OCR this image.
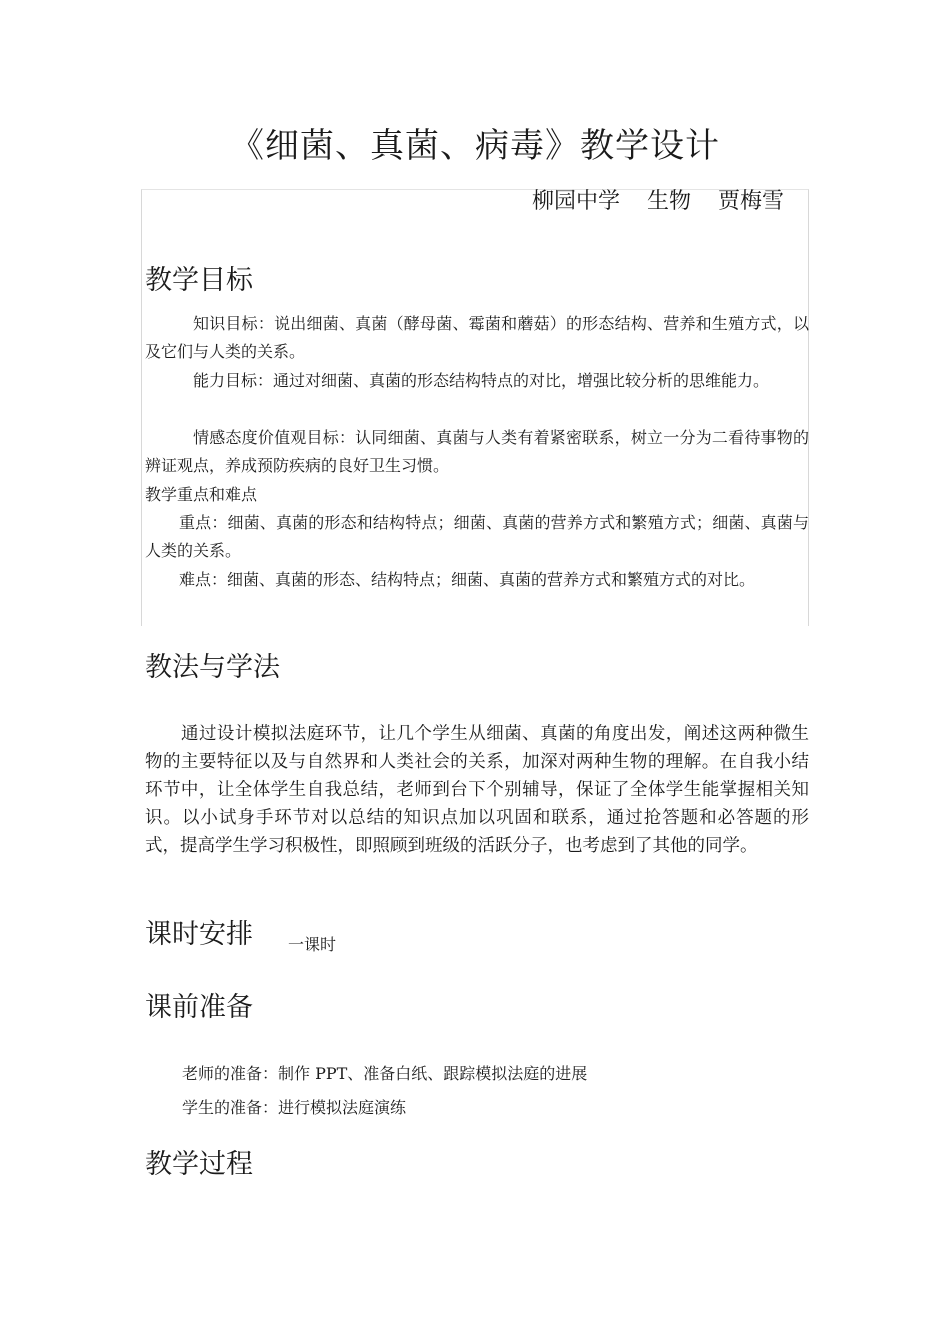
《细菌、真菌、病毒》教学设计
柳园中学 生物 贾梅雪
教学目标

知识目标：说出细菌、真菌（酵母菌、霉菌和蘑菇）的形态结构、营养和生殖方式，以及它们与人类的关系。

能力目标：通过对细菌、真菌的形态结构特点的对比，增强比较分析的思维能力。

情感态度价值观目标：认同细菌、真菌与人类有着紧密联系，树立一分为二看待事物的辨证观点，养成预防疾病的良好卫生习惯。

教学重点和难点

重点：细菌、真菌的形态和结构特点；细菌、真菌的营养方式和繁殖方式；细菌、真菌与人类的关系。

难点：细菌、真菌的形态、结构特点；细菌、真菌的营养方式和繁殖方式的对比。

教法与学法

通过设计模拟法庭环节，让几个学生从细菌、真菌的角度出发，阐述这两种微生物的主要特征以及与自然界和人类社会的关系，加深对两种生物的理解。在自我小结环节中，让全体学生自我总结，老师到台下个别辅导，保证了全体学生能掌握相关知识。以小试身手环节对以总结的知识点加以巩固和联系，通过抢答题和必答题的形式，提高学生学习积极性，即照顾到班级的活跃分子，也考虑到了其他的同学。

课时安排 一课时
课前准备
老师的准备：制作 PPT、准备白纸、跟踪模拟法庭的进展
学生的准备：进行模拟法庭演练
教学过程
